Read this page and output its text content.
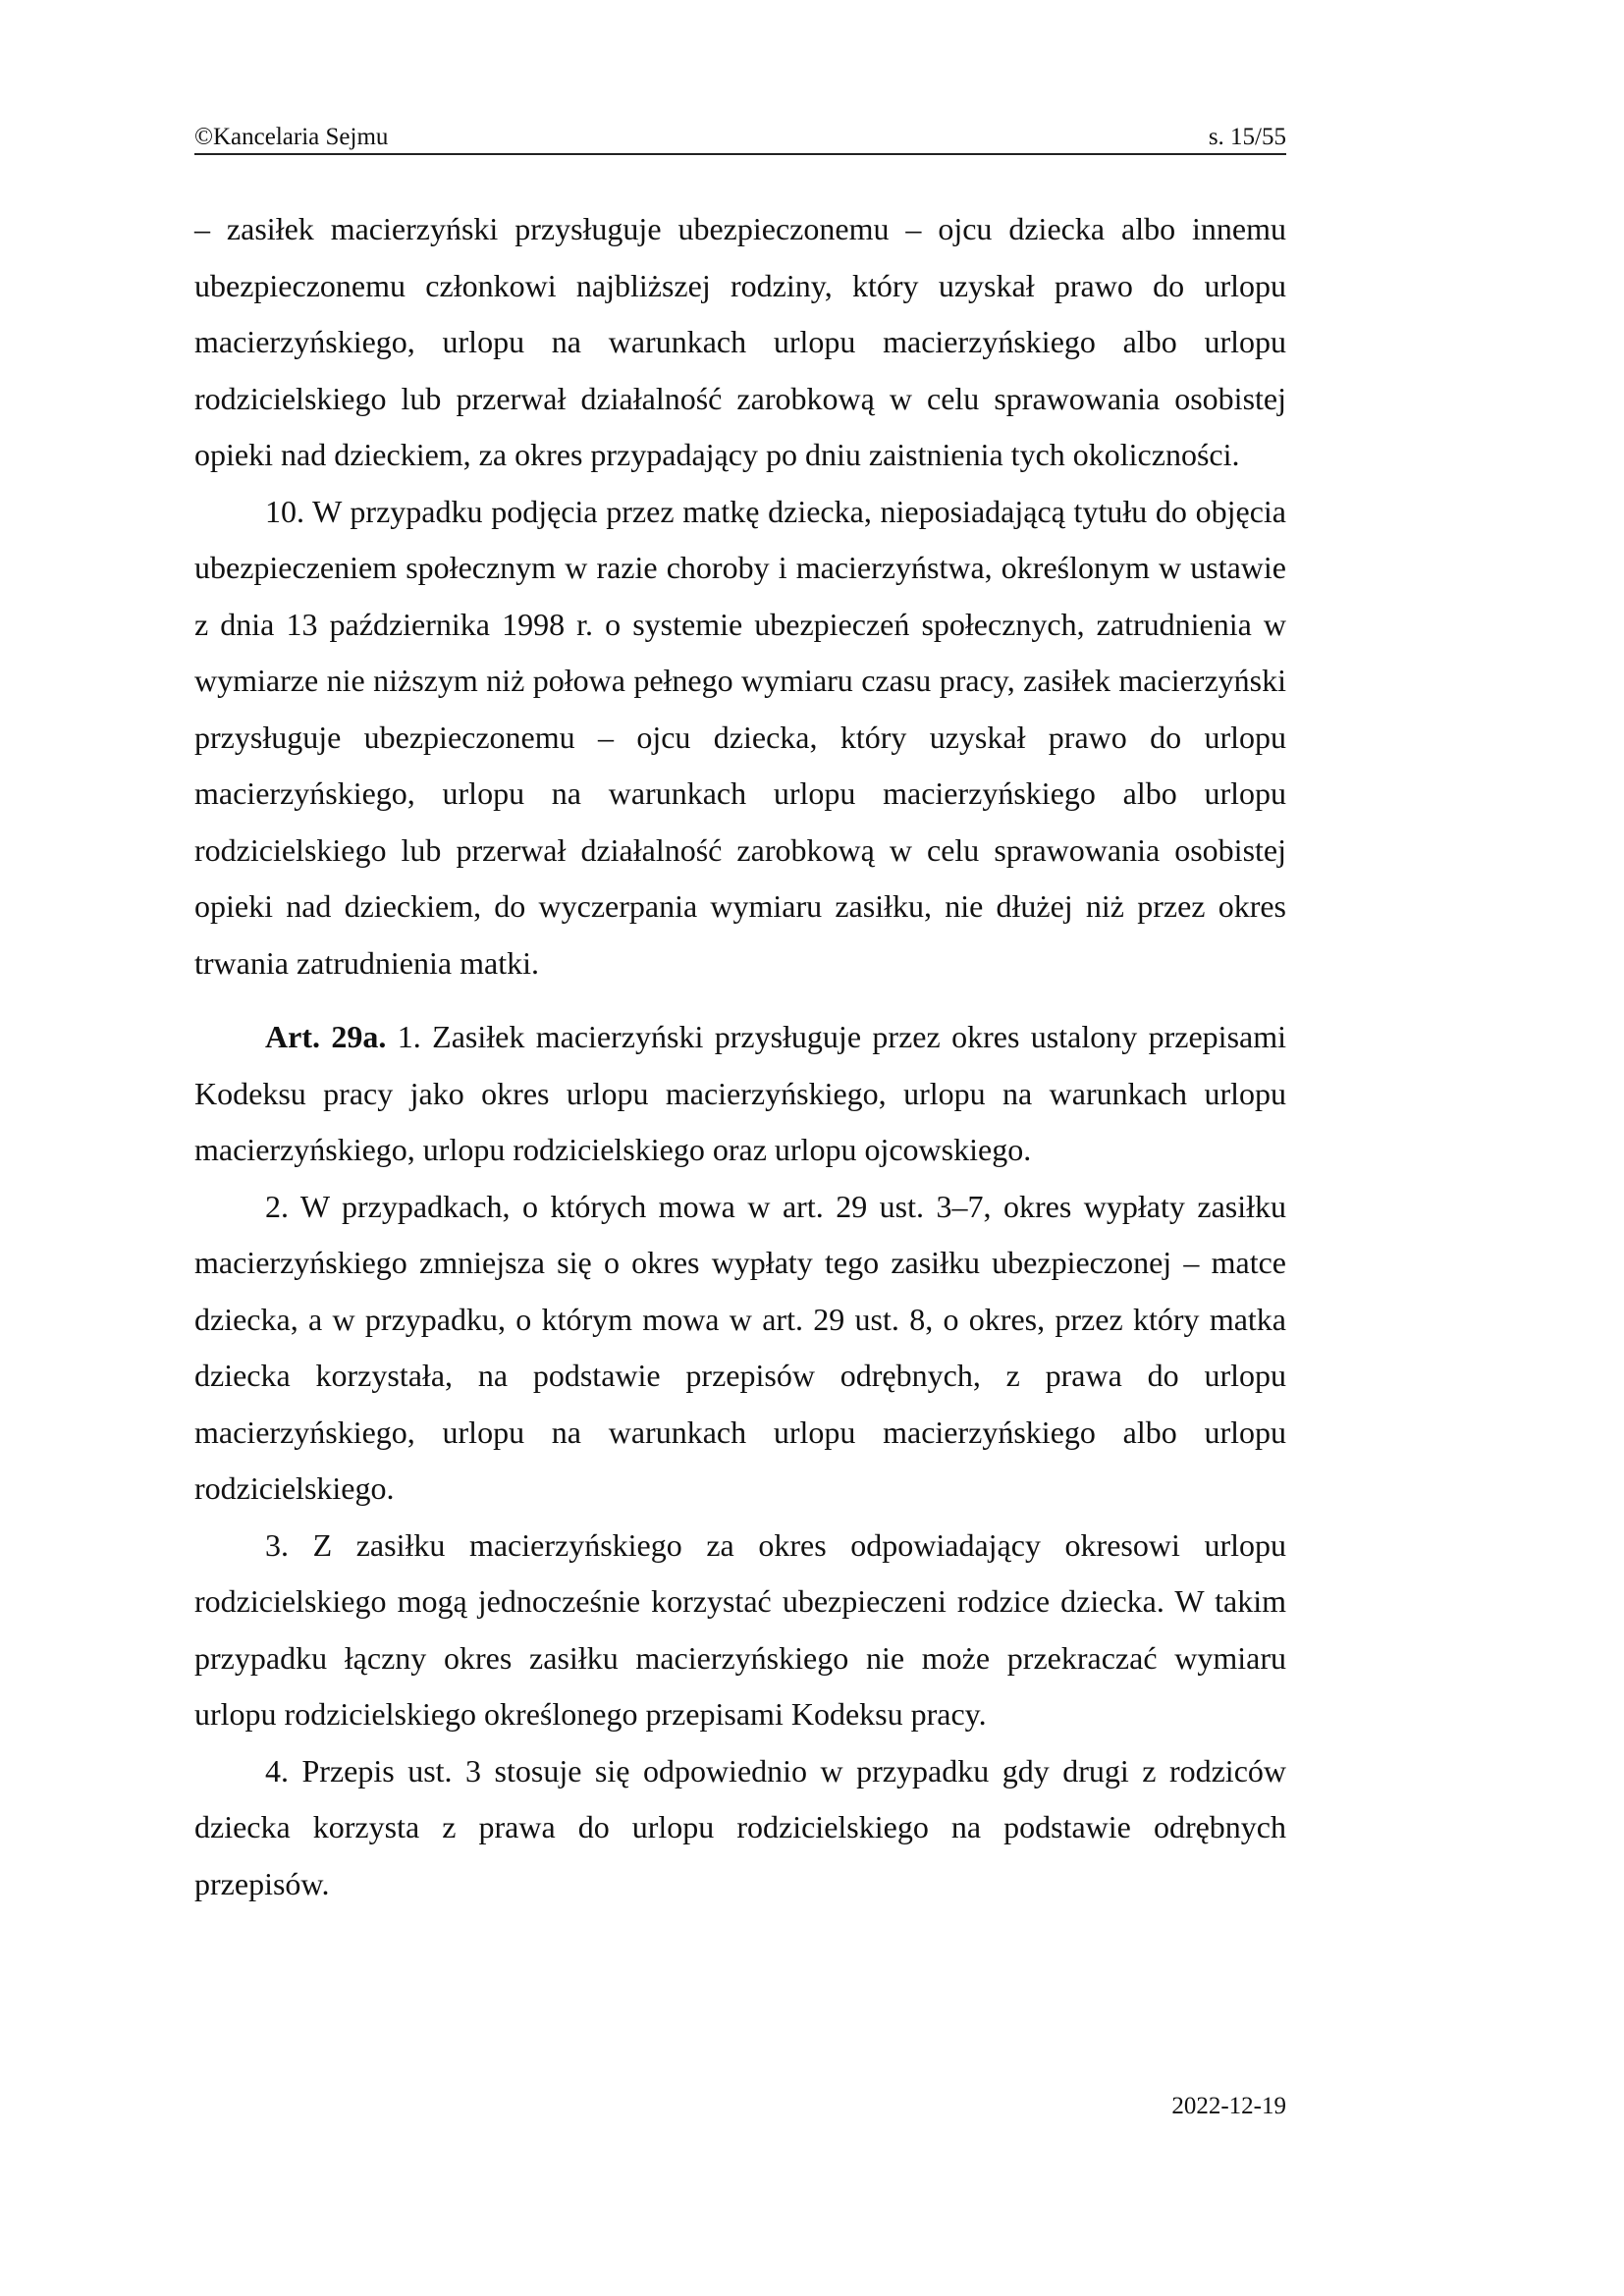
©Kancelaria Sejmu	s. 15/55

– zasiłek macierzyński przysługuje ubezpieczonemu – ojcu dziecka albo innemu ubezpieczonemu członkowi najbliższej rodziny, który uzyskał prawo do urlopu macierzyńskiego, urlopu na warunkach urlopu macierzyńskiego albo urlopu rodzicielskiego lub przerwał działalność zarobkową w celu sprawowania osobistej opieki nad dzieckiem, za okres przypadający po dniu zaistnienia tych okoliczności.

10. W przypadku podjęcia przez matkę dziecka, nieposiadającą tytułu do objęcia ubezpieczeniem społecznym w razie choroby i macierzyństwa, określonym w ustawie z dnia 13 października 1998 r. o systemie ubezpieczeń społecznych, zatrudnienia w wymiarze nie niższym niż połowa pełnego wymiaru czasu pracy, zasiłek macierzyński przysługuje ubezpieczonemu – ojcu dziecka, który uzyskał prawo do urlopu macierzyńskiego, urlopu na warunkach urlopu macierzyńskiego albo urlopu rodzicielskiego lub przerwał działalność zarobkową w celu sprawowania osobistej opieki nad dzieckiem, do wyczerpania wymiaru zasiłku, nie dłużej niż przez okres trwania zatrudnienia matki.

Art. 29a. 1. Zasiłek macierzyński przysługuje przez okres ustalony przepisami Kodeksu pracy jako okres urlopu macierzyńskiego, urlopu na warunkach urlopu macierzyńskiego, urlopu rodzicielskiego oraz urlopu ojcowskiego.

2. W przypadkach, o których mowa w art. 29 ust. 3–7, okres wypłaty zasiłku macierzyńskiego zmniejsza się o okres wypłaty tego zasiłku ubezpieczonej – matce dziecka, a w przypadku, o którym mowa w art. 29 ust. 8, o okres, przez który matka dziecka korzystała, na podstawie przepisów odrębnych, z prawa do urlopu macierzyńskiego, urlopu na warunkach urlopu macierzyńskiego albo urlopu rodzicielskiego.

3. Z zasiłku macierzyńskiego za okres odpowiadający okresowi urlopu rodzicielskiego mogą jednocześnie korzystać ubezpieczeni rodzice dziecka. W takim przypadku łączny okres zasiłku macierzyńskiego nie może przekraczać wymiaru urlopu rodzicielskiego określonego przepisami Kodeksu pracy.

4. Przepis ust. 3 stosuje się odpowiednio w przypadku gdy drugi z rodziców dziecka korzysta z prawa do urlopu rodzicielskiego na podstawie odrębnych przepisów.

2022-12-19
